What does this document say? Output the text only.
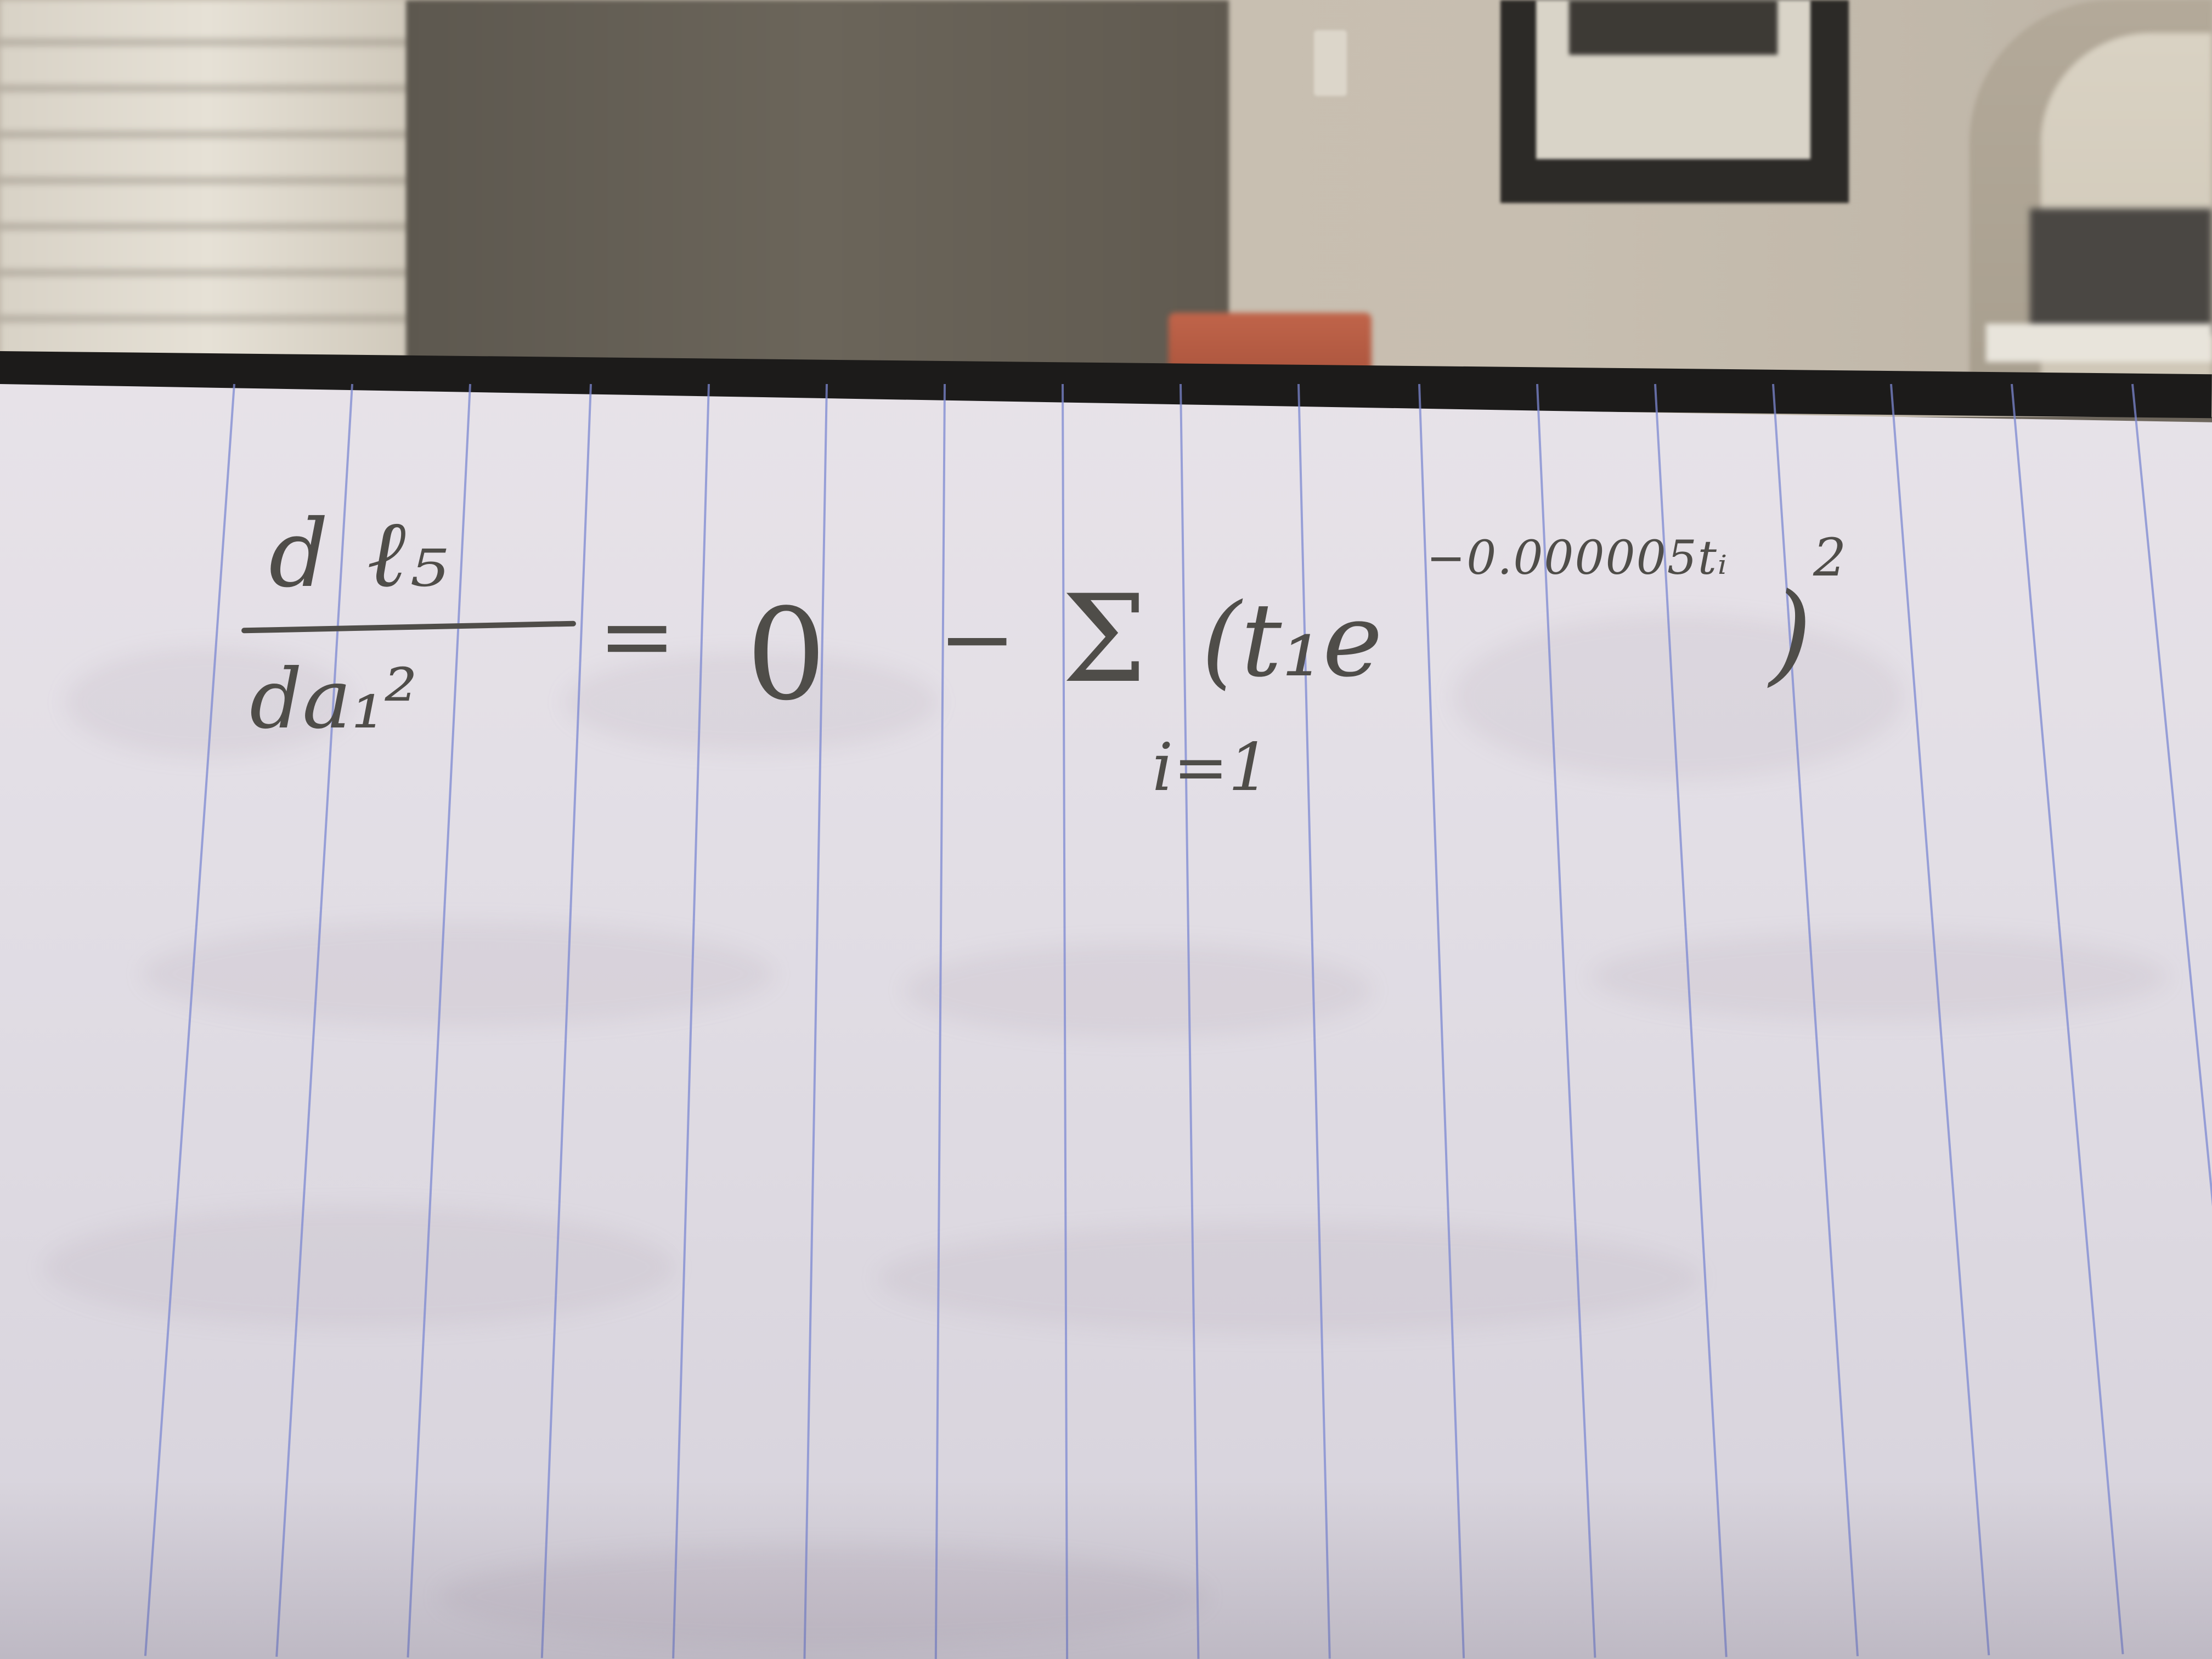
d ℓ₅
da₁²
= 0 − Σ (t₁e
−0.000005tᵢ
)
2
i=1
